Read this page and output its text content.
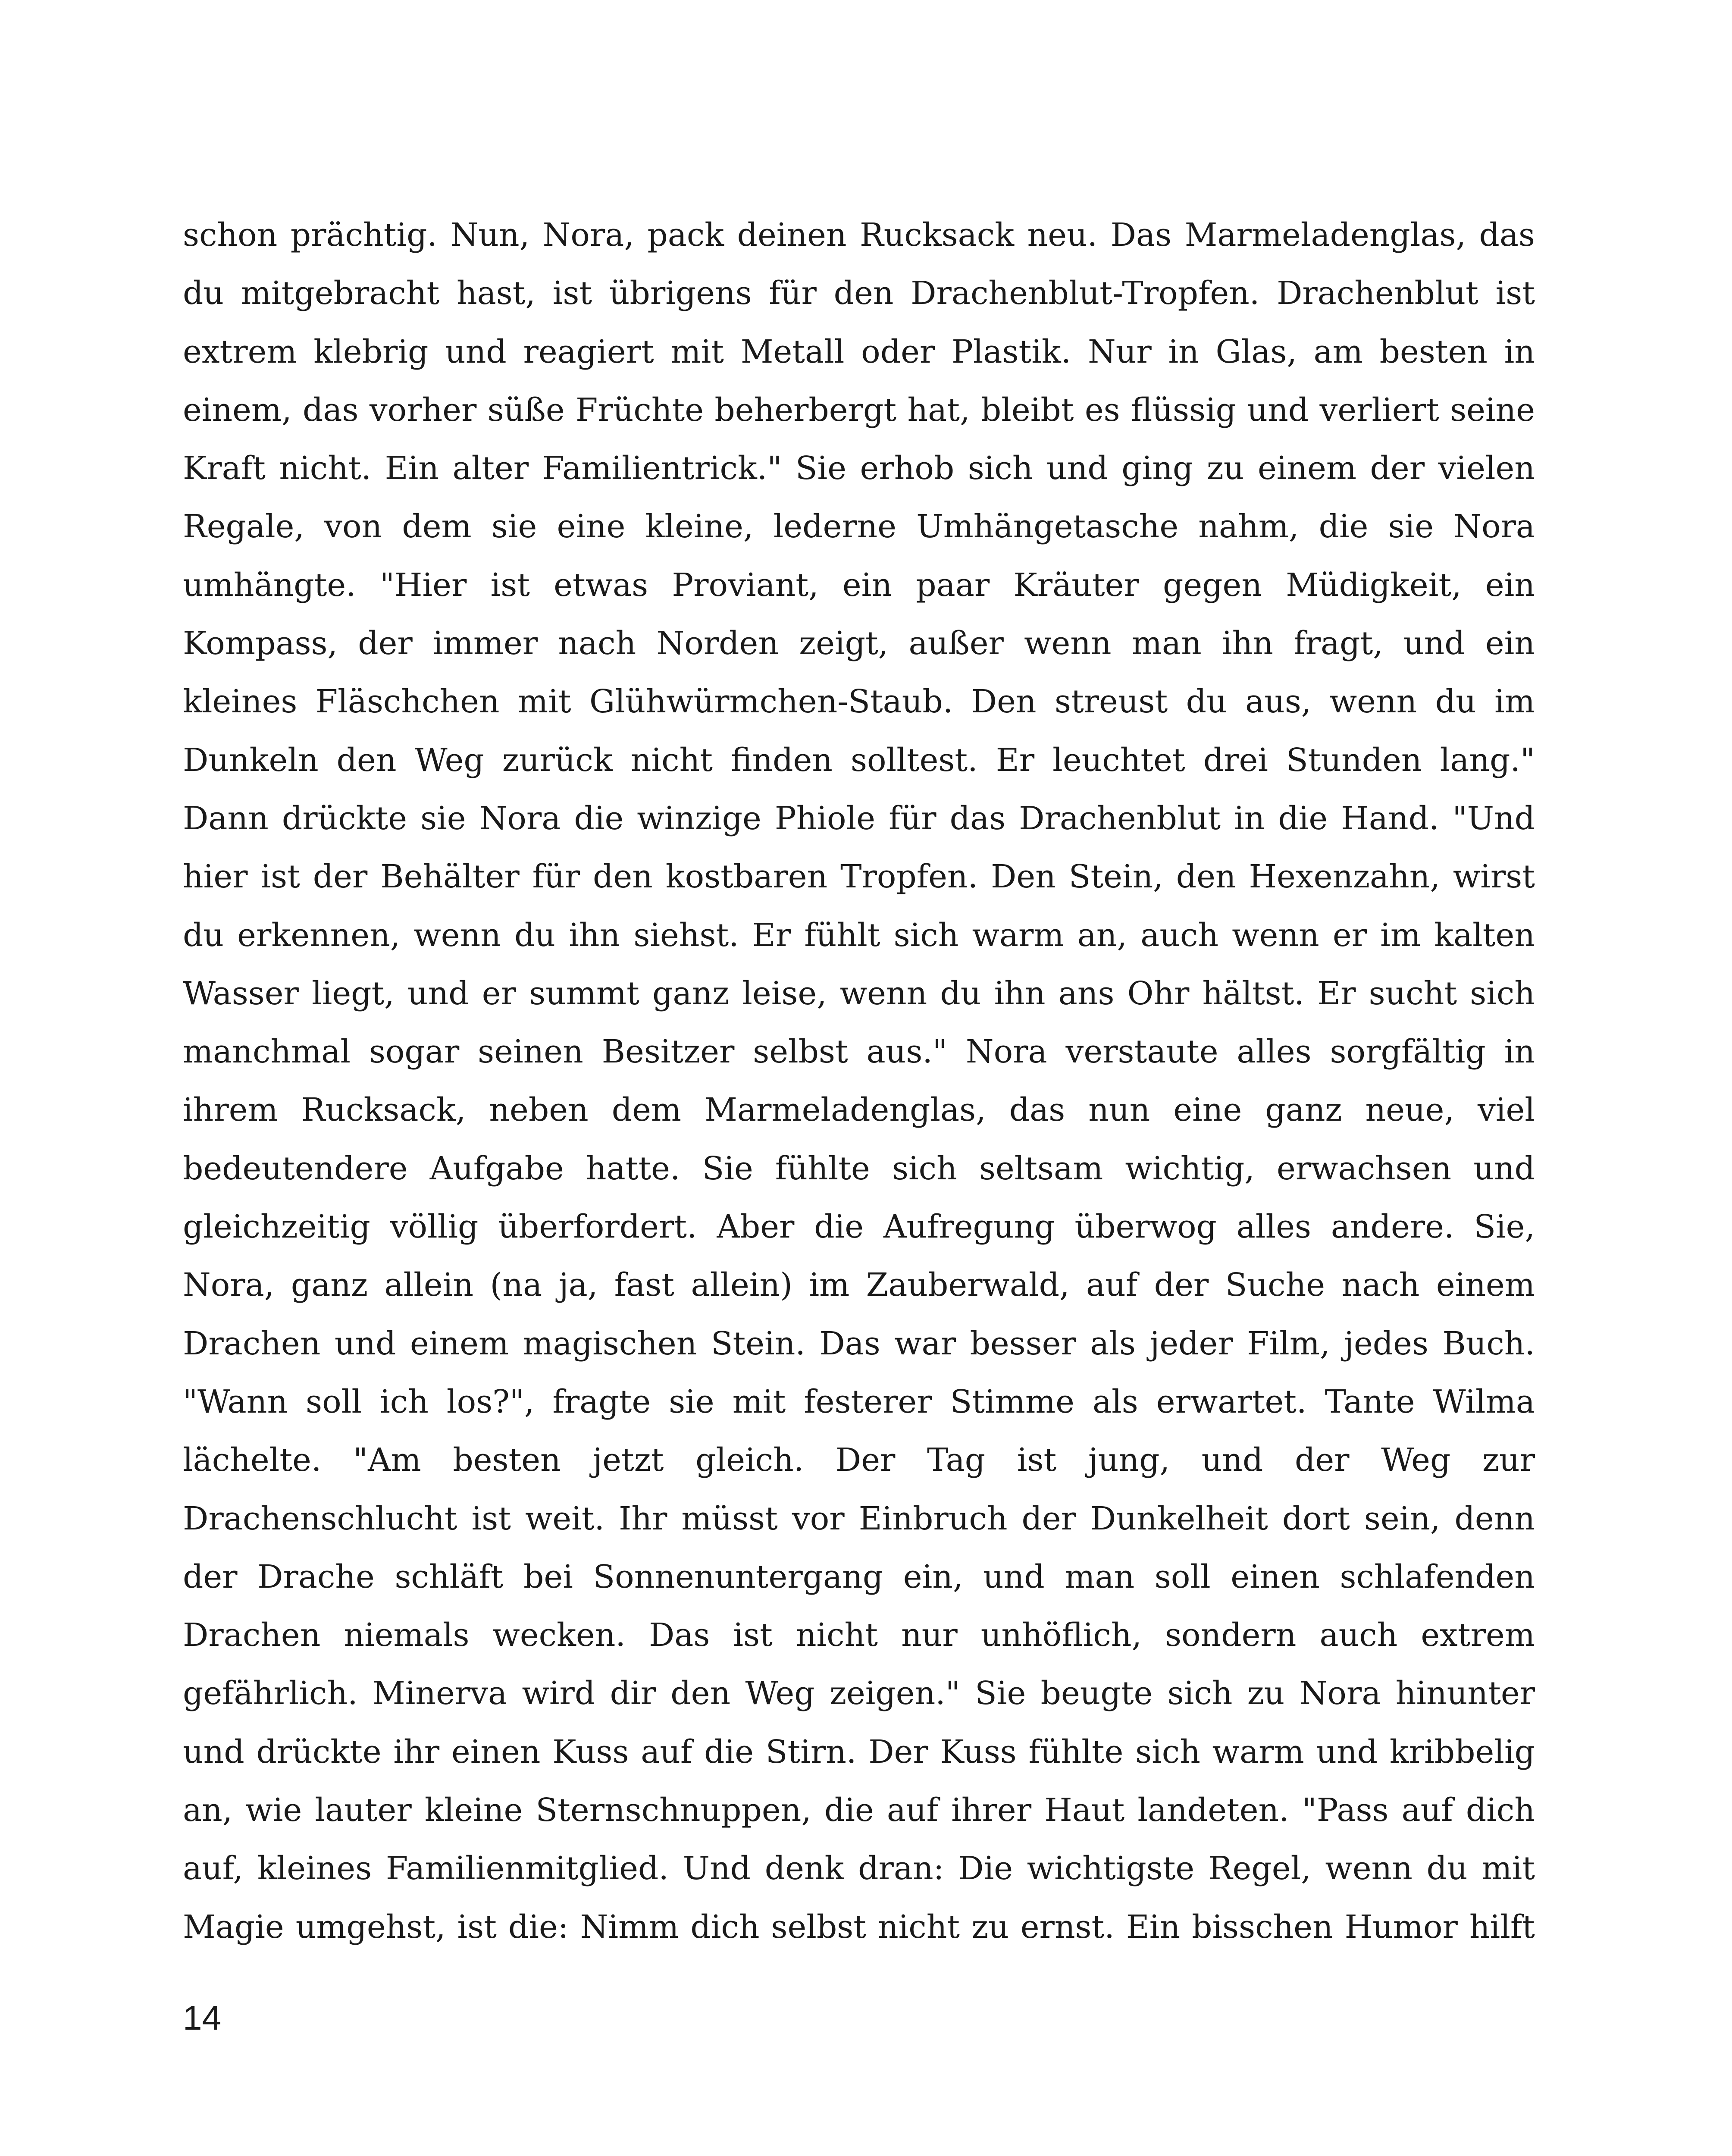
schon prächtig. Nun, Nora, pack deinen Rucksack neu. Das Marmeladenglas, das
du mitgebracht hast, ist übrigens für den Drachenblut-Tropfen. Drachenblut ist
extrem klebrig und reagiert mit Metall oder Plastik. Nur in Glas, am besten in
einem, das vorher süße Früchte beherbergt hat, bleibt es flüssig und verliert seine
Kraft nicht. Ein alter Familientrick." Sie erhob sich und ging zu einem der vielen
Regale, von dem sie eine kleine, lederne Umhängetasche nahm, die sie Nora
umhängte. "Hier ist etwas Proviant, ein paar Kräuter gegen Müdigkeit, ein
Kompass, der immer nach Norden zeigt, außer wenn man ihn fragt, und ein
kleines Fläschchen mit Glühwürmchen-Staub. Den streust du aus, wenn du im
Dunkeln den Weg zurück nicht finden solltest. Er leuchtet drei Stunden lang."
Dann drückte sie Nora die winzige Phiole für das Drachenblut in die Hand. "Und
hier ist der Behälter für den kostbaren Tropfen. Den Stein, den Hexenzahn, wirst
du erkennen, wenn du ihn siehst. Er fühlt sich warm an, auch wenn er im kalten
Wasser liegt, und er summt ganz leise, wenn du ihn ans Ohr hältst. Er sucht sich
manchmal sogar seinen Besitzer selbst aus." Nora verstaute alles sorgfältig in
ihrem Rucksack, neben dem Marmeladenglas, das nun eine ganz neue, viel
bedeutendere Aufgabe hatte. Sie fühlte sich seltsam wichtig, erwachsen und
gleichzeitig völlig überfordert. Aber die Aufregung überwog alles andere. Sie,
Nora, ganz allein (na ja, fast allein) im Zauberwald, auf der Suche nach einem
Drachen und einem magischen Stein. Das war besser als jeder Film, jedes Buch.
"Wann soll ich los?", fragte sie mit festerer Stimme als erwartet. Tante Wilma
lächelte. "Am besten jetzt gleich. Der Tag ist jung, und der Weg zur
Drachenschlucht ist weit. Ihr müsst vor Einbruch der Dunkelheit dort sein, denn
der Drache schläft bei Sonnenuntergang ein, und man soll einen schlafenden
Drachen niemals wecken. Das ist nicht nur unhöflich, sondern auch extrem
gefährlich. Minerva wird dir den Weg zeigen." Sie beugte sich zu Nora hinunter
und drückte ihr einen Kuss auf die Stirn. Der Kuss fühlte sich warm und kribbelig
an, wie lauter kleine Sternschnuppen, die auf ihrer Haut landeten. "Pass auf dich
auf, kleines Familienmitglied. Und denk dran: Die wichtigste Regel, wenn du mit
Magie umgehst, ist die: Nimm dich selbst nicht zu ernst. Ein bisschen Humor hilft
14
